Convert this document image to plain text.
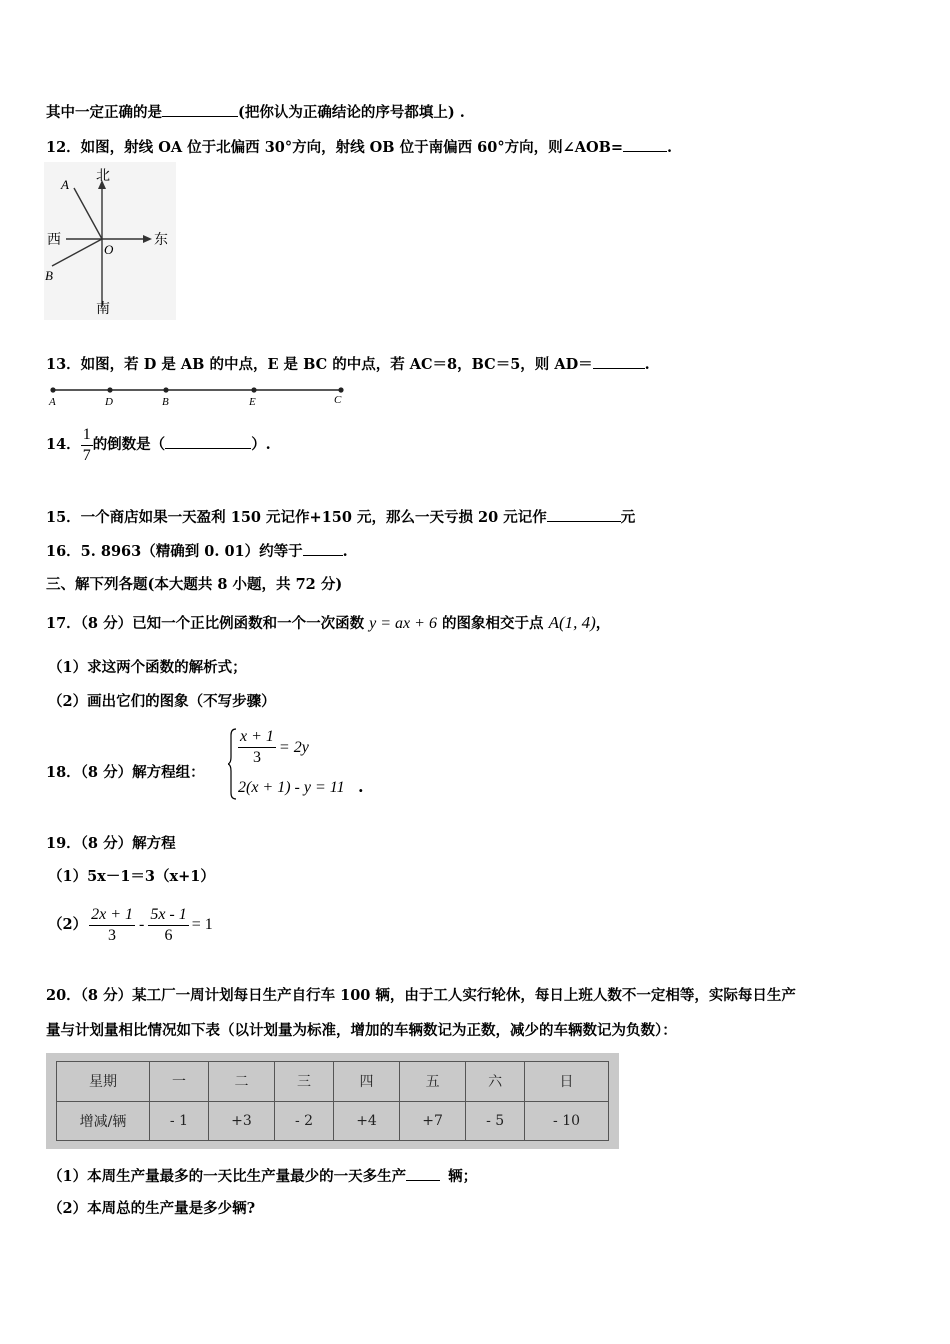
其中一定正确的是	(把你认为正确结论的序号都填上) .
12．如图，射线 OA 位于北偏西 30°方向，射线 OB 位于南偏西 60°方向，则∠AOB=	.
北
西	东
南
A
B
O
13．如图，若 D 是 AB 的中点，E 是 BC 的中点，若 AC＝8，BC＝5，则 AD＝	.
A	D	B	E	C
14． $\frac{1}{7}$ 的倒数是（	）.
15．一个商店如果一天盈利 150 元记作+150 元，那么一天亏损 20 元记作	元
16．5. 8963（精确到 0. 01）约等于	.
三、解下列各题(本大题共 8 小题，共 72 分)
17．（8 分）已知一个正比例函数和一个一次函数 y = ax + 6 的图象相交于点 A(1, 4)，
（1）求这两个函数的解析式；
（2）画出它们的图象（不写步骤）
18．（8 分）解方程组：
$\frac{x + 1}{3} = 2y$
2(x + 1) - y = 11 .
19．（8 分）解方程
（1）5x－1＝3（x+1）
$(2) \frac{2x + 1}{3} - \frac{5x - 1}{6} = 1$
20．（8 分）某工厂一周计划每日生产自行车 100 辆，由于工人实行轮休，每日上班人数不一定相等，实际每日生产
量与计划量相比情况如下表（以计划量为标准，增加的车辆数记为正数，减少的车辆数记为负数）：
星期	一	二	三	四	五	六	日
增减/辆	- 1	+3	- 2	+4	+7	- 5	- 10
（1）本周生产量最多的一天比生产量最少的一天多生产	辆；
（2）本周总的生产量是多少辆?
